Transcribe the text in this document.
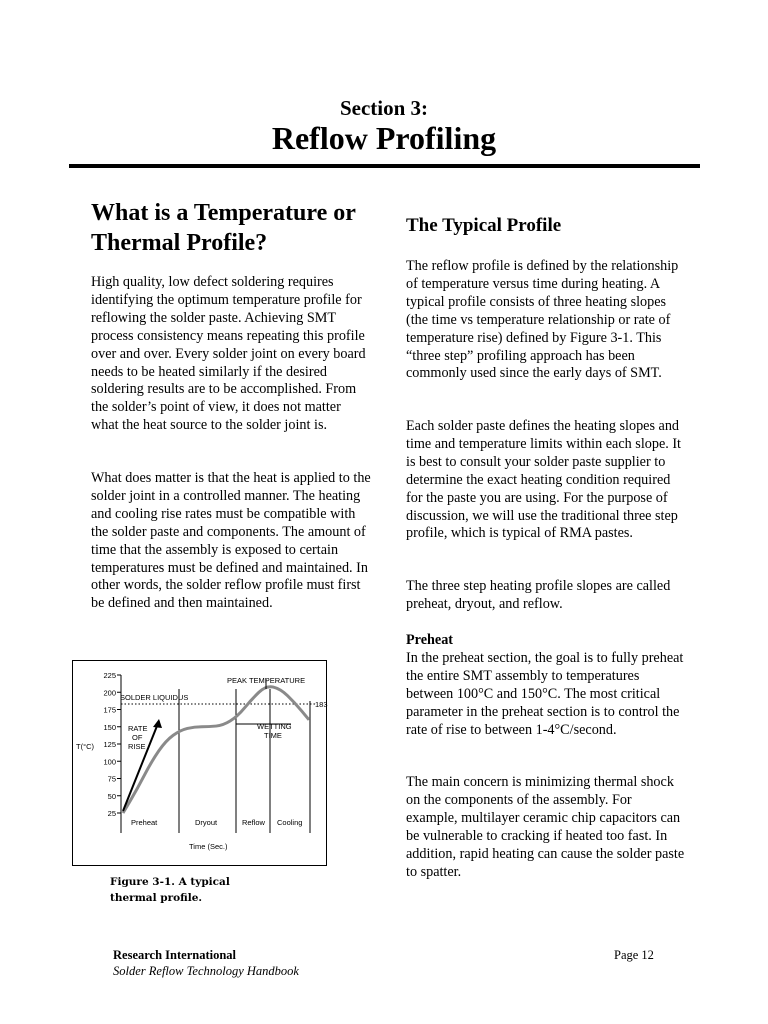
Section 3:
Reflow Profiling
What is a Temperature or Thermal Profile?

High quality, low defect soldering requires identifying the optimum temperature profile for reflowing the solder paste. Achieving SMT process consistency means repeating this profile over and over. Every solder joint on every board needs to be heated similarly if the desired soldering results are to be accomplished. From the solder’s point of view, it does not matter what the heat source to the solder joint is.

What does matter is that the heat is applied to the solder joint in a controlled manner. The heating and cooling rise rates must be compatible with the solder paste and components. The amount of time that the assembly is exposed to certain temperatures must be defined and maintained. In other words, the solder reflow profile must first be defined and then maintained.

The Typical Profile

The reflow profile is defined by the relationship of temperature versus time during heating. A typical profile consists of three heating slopes (the time vs temperature relationship or rate of temperature rise) defined by Figure 3-1. This “three step” profiling approach has been commonly used since the early days of SMT.

Each solder paste defines the heating slopes and time and temperature limits within each slope. It is best to consult your solder paste supplier to determine the exact heating condition required for the paste you are using. For the purpose of discussion, we will use the traditional three step profile, which is typical of RMA pastes.

The three step heating profile slopes are called preheat, dryout, and reflow.

Preheat

In the preheat section, the goal is to fully preheat the entire SMT assembly to temperatures between 100°C and 150°C. The most critical parameter in the preheat section is to control the rate of rise to between 1-4°C/second.

The main concern is minimizing thermal shock on the components of the assembly. For example, multilayer ceramic chip capacitors can be vulnerable to cracking if heated too fast. In addition, rapid heating can cause the solder paste to spatter.

25
50
75
100
125
150
175
200
225
SOLDER LIQUIDUS
183
PEAK TEMPERATURE
RATE
OF
RISE
WETTING
TIME
T(°C)
Preheat	Dryout	Reflow Cooling
Time (Sec.)

Figure 3-1. A typical
thermal profile.

Research International
Solder Reflow Technology Handbook
Page 12
